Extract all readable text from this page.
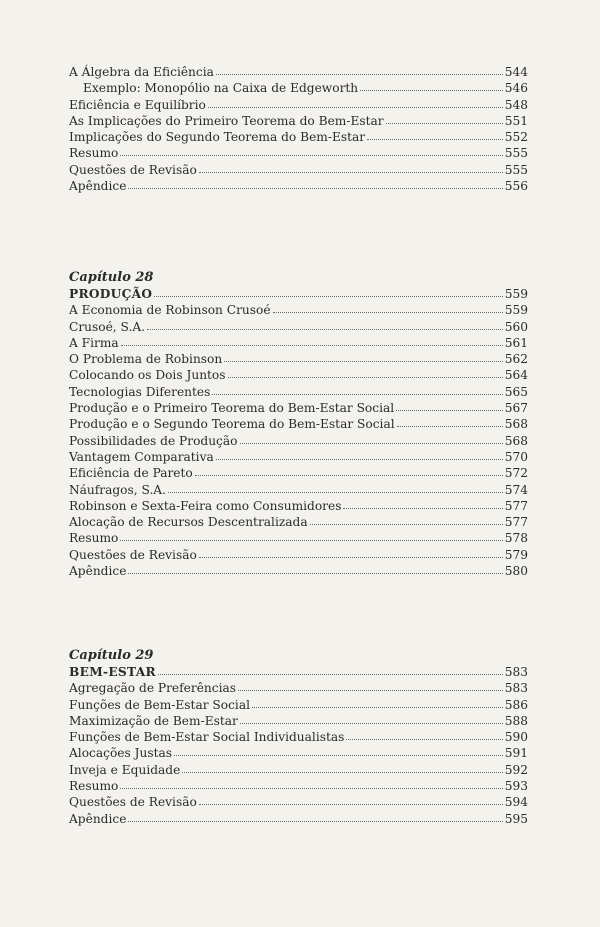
A Álgebra da Eficiência	544
Exemplo: Monopólio na Caixa de Edgeworth	546
Eficiência e Equilíbrio	548
As Implicações do Primeiro Teorema do Bem-Estar	551
Implicações do Segundo Teorema do Bem-Estar	552
Resumo	555
Questões de Revisão	555
Apêndice	556

Capítulo 28

PRODUÇÃO	559
A Economia de Robinson Crusoé	559
Crusoé, S.A.	560
A Firma	561
O Problema de Robinson	562
Colocando os Dois Juntos	564
Tecnologias Diferentes	565
Produção e o Primeiro Teorema do Bem-Estar Social	567
Produção e o Segundo Teorema do Bem-Estar Social	568
Possibilidades de Produção	568
Vantagem Comparativa	570
Eficiência de Pareto	572
Náufragos, S.A.	574
Robinson e Sexta-Feira como Consumidores	577
Alocação de Recursos Descentralizada	577
Resumo	578
Questões de Revisão	579
Apêndice	580

Capítulo 29

BEM-ESTAR	583
Agregação de Preferências	583
Funções de Bem-Estar Social	586
Maximização de Bem-Estar	588
Funções de Bem-Estar Social Individualistas	590
Alocações Justas	591
Inveja e Equidade	592
Resumo	593
Questões de Revisão	594
Apêndice	595
